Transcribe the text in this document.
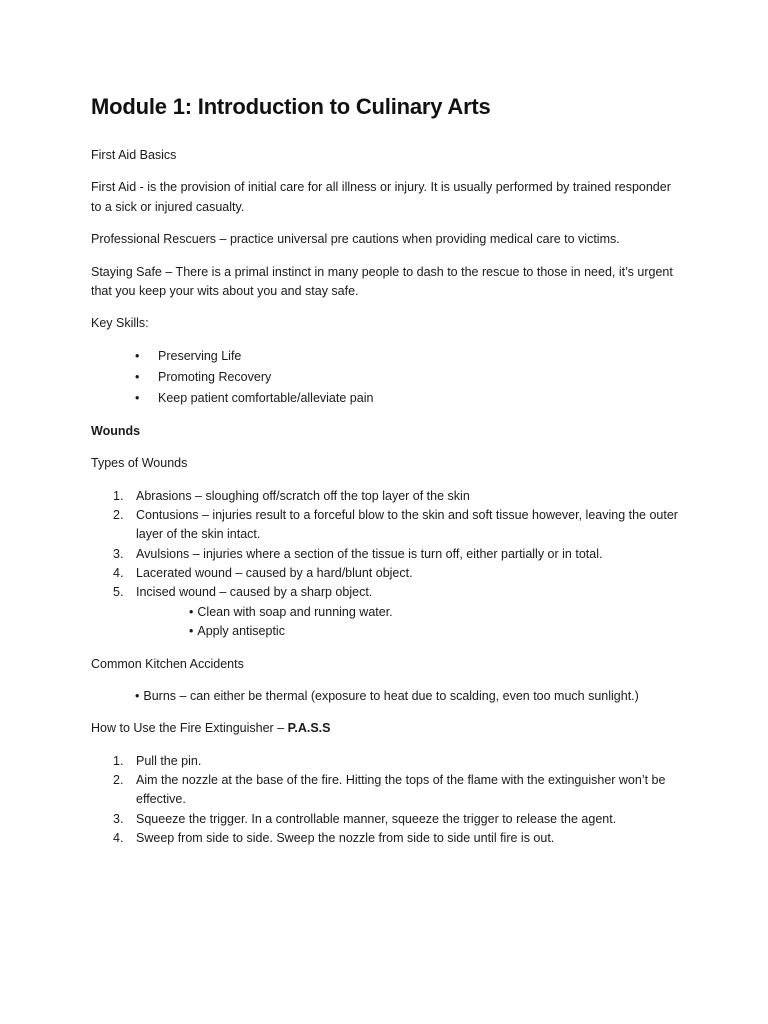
Module 1: Introduction to Culinary Arts

First Aid Basics

First Aid - is the provision of initial care for all illness or injury. It is usually performed by trained responder to a sick or injured casualty.

Professional Rescuers – practice universal pre cautions when providing medical care to victims.

Staying Safe – There is a primal instinct in many people to dash to the rescue to those in need, it’s urgent that you keep your wits about you and stay safe.

Key Skills:

• Preserving Life
• Promoting Recovery
• Keep patient comfortable/alleviate pain

Wounds

Types of Wounds

1. Abrasions – sloughing off/scratch off the top layer of the skin
2. Contusions – injuries result to a forceful blow to the skin and soft tissue however, leaving the outer layer of the skin intact.
3. Avulsions – injuries where a section of the tissue is turn off, either partially or in total.
4. Lacerated wound – caused by a hard/blunt object.
5. Incised wound – caused by a sharp object.
• Clean with soap and running water.
• Apply antiseptic

Common Kitchen Accidents

• Burns – can either be thermal (exposure to heat due to scalding, even too much sunlight.)

How to Use the Fire Extinguisher – P.A.S.S

1. Pull the pin.
2. Aim the nozzle at the base of the fire. Hitting the tops of the flame with the extinguisher won’t be effective.
3. Squeeze the trigger. In a controllable manner, squeeze the trigger to release the agent.
4. Sweep from side to side. Sweep the nozzle from side to side until fire is out.
